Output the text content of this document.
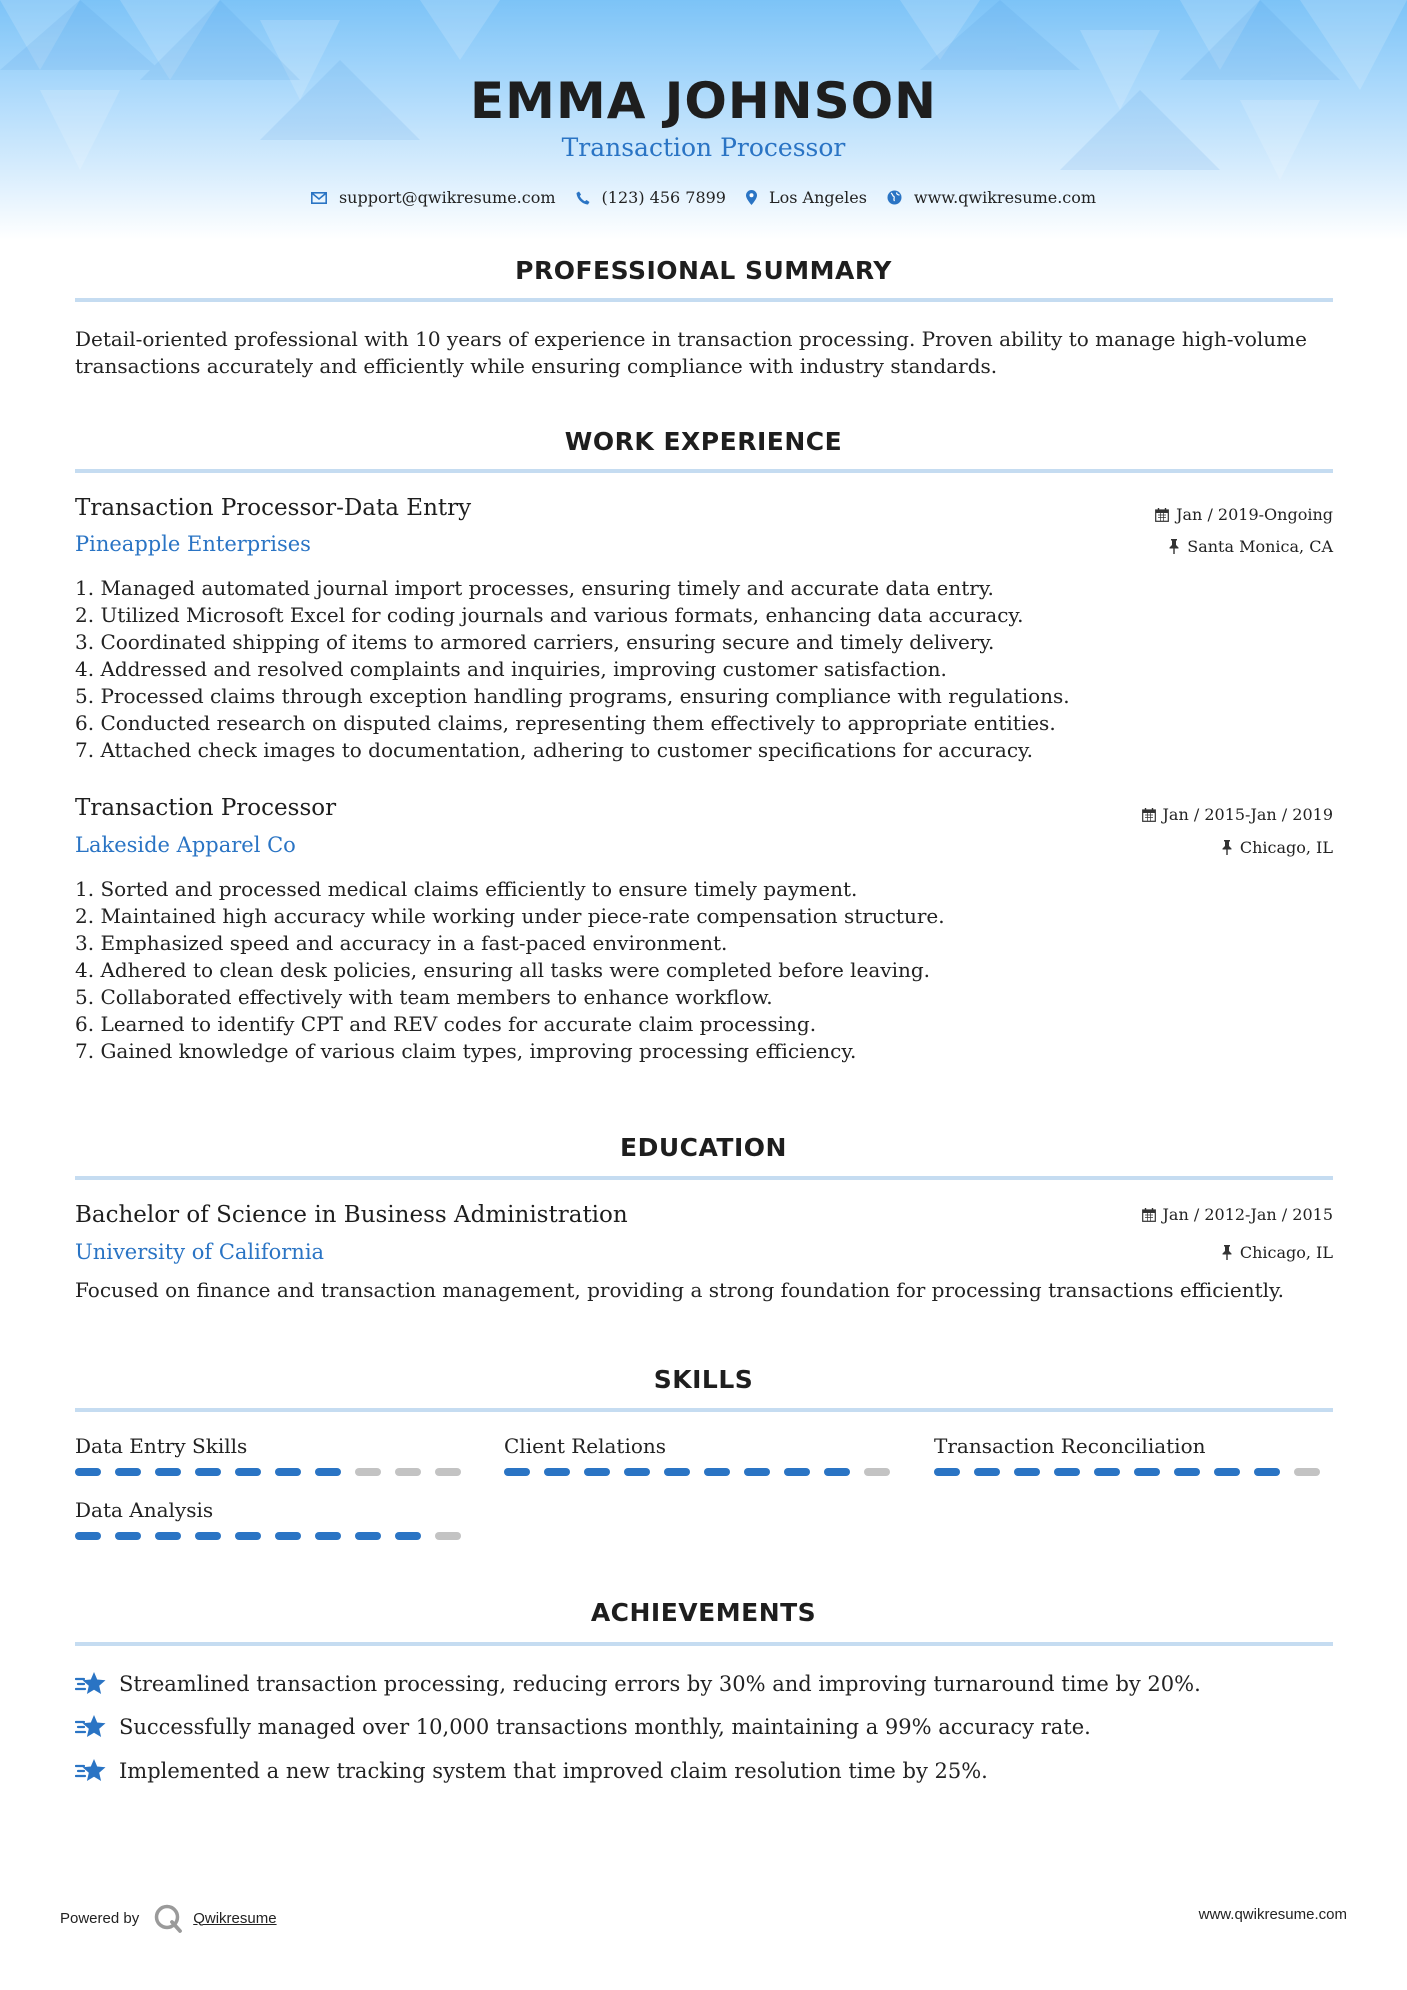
EMMA JOHNSON
Transaction Processor
support@qwikresume.com	(123) 456 7899	Los Angeles	www.qwikresume.com
PROFESSIONAL SUMMARY
Detail-oriented professional with 10 years of experience in transaction processing. Proven ability to manage high-volume
transactions accurately and efficiently while ensuring compliance with industry standards.
WORK EXPERIENCE
Transaction Processor-Data Entry	Jan / 2019-Ongoing
Pineapple Enterprises	Santa Monica, CA
1. Managed automated journal import processes, ensuring timely and accurate data entry.
2. Utilized Microsoft Excel for coding journals and various formats, enhancing data accuracy.
3. Coordinated shipping of items to armored carriers, ensuring secure and timely delivery.
4. Addressed and resolved complaints and inquiries, improving customer satisfaction.
5. Processed claims through exception handling programs, ensuring compliance with regulations.
6. Conducted research on disputed claims, representing them effectively to appropriate entities.
7. Attached check images to documentation, adhering to customer specifications for accuracy.
Transaction Processor	Jan / 2015-Jan / 2019
Lakeside Apparel Co	Chicago, IL
1. Sorted and processed medical claims efficiently to ensure timely payment.
2. Maintained high accuracy while working under piece-rate compensation structure.
3. Emphasized speed and accuracy in a fast-paced environment.
4. Adhered to clean desk policies, ensuring all tasks were completed before leaving.
5. Collaborated effectively with team members to enhance workflow.
6. Learned to identify CPT and REV codes for accurate claim processing.
7. Gained knowledge of various claim types, improving processing efficiency.
EDUCATION
Bachelor of Science in Business Administration	Jan / 2012-Jan / 2015
University of California	Chicago, IL
Focused on finance and transaction management, providing a strong foundation for processing transactions efficiently.
SKILLS
Data Entry Skills	Client Relations	Transaction Reconciliation
Data Analysis
ACHIEVEMENTS
Streamlined transaction processing, reducing errors by 30% and improving turnaround time by 20%.
Successfully managed over 10,000 transactions monthly, maintaining a 99% accuracy rate.
Implemented a new tracking system that improved claim resolution time by 25%.
Powered by	Qwikresume	www.qwikresume.com
